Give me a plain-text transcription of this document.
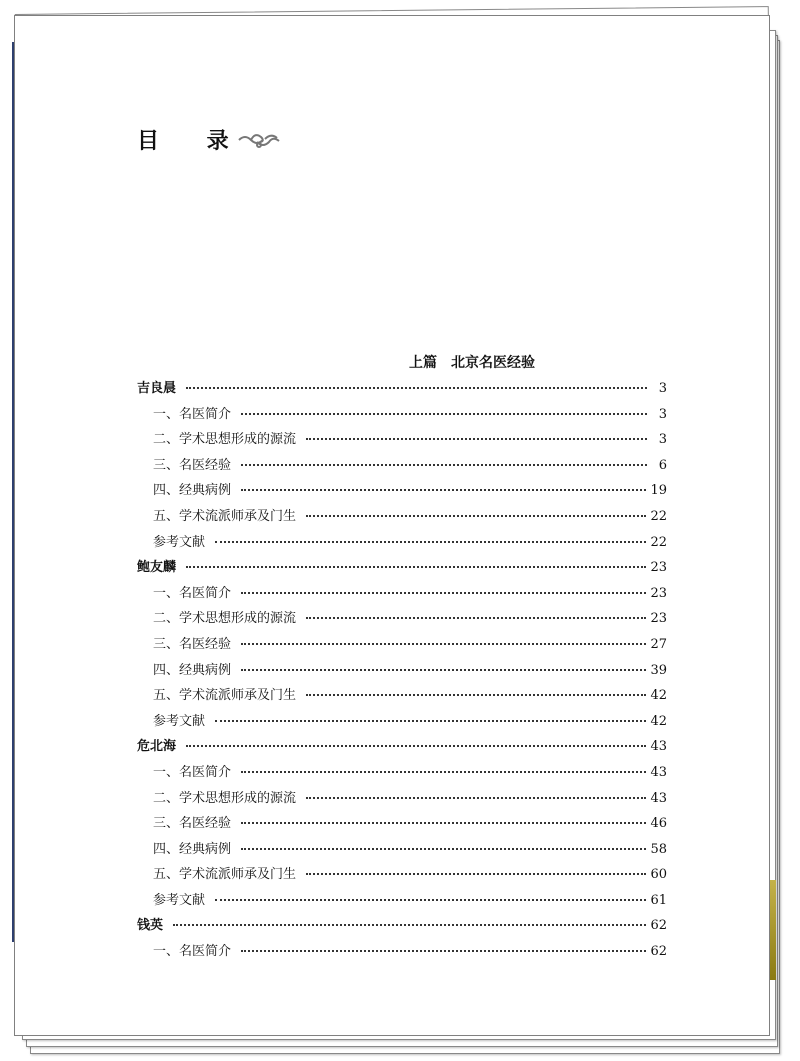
目 录
上篇　北京名医经验
吉良晨	3
一、名医简介	3
二、学术思想形成的源流	3
三、名医经验	6
四、经典病例	19
五、学术流派师承及门生	22
参考文献	22
鲍友麟	23
一、名医简介	23
二、学术思想形成的源流	23
三、名医经验	27
四、经典病例	39
五、学术流派师承及门生	42
参考文献	42
危北海	43
一、名医简介	43
二、学术思想形成的源流	43
三、名医经验	46
四、经典病例	58
五、学术流派师承及门生	60
参考文献	61
钱英	62
一、名医简介	62
